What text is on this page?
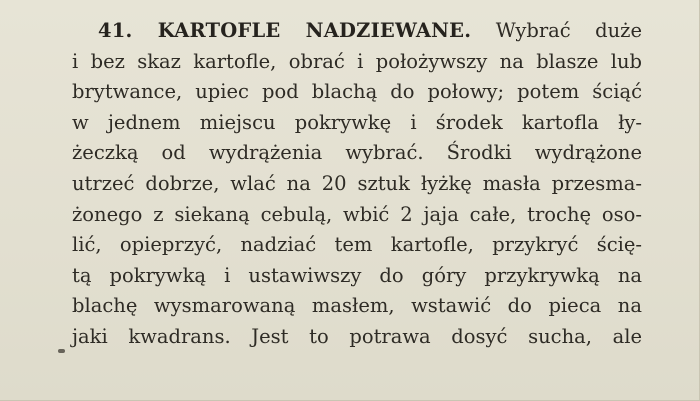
41. KARTOFLE NADZIEWANE. Wybrać duże
i bez skaz kartofle, obrać i położywszy na blasze lub
brytwance, upiec pod blachą do połowy; potem ściąć
w jednem miejscu pokrywkę i środek kartofla ły-
żeczką od wydrążenia wybrać. Środki wydrążone
utrzeć dobrze, wlać na 20 sztuk łyżkę masła przesma-
żonego z siekaną cebulą, wbić 2 jaja całe, trochę oso-
lić, opieprzyć, nadziać tem kartofle, przykryć ścię-
tą pokrywką i ustawiwszy do góry przykrywką na
blachę wysmarowaną masłem, wstawić do pieca na
jaki kwadrans. Jest to potrawa dosyć sucha, ale
